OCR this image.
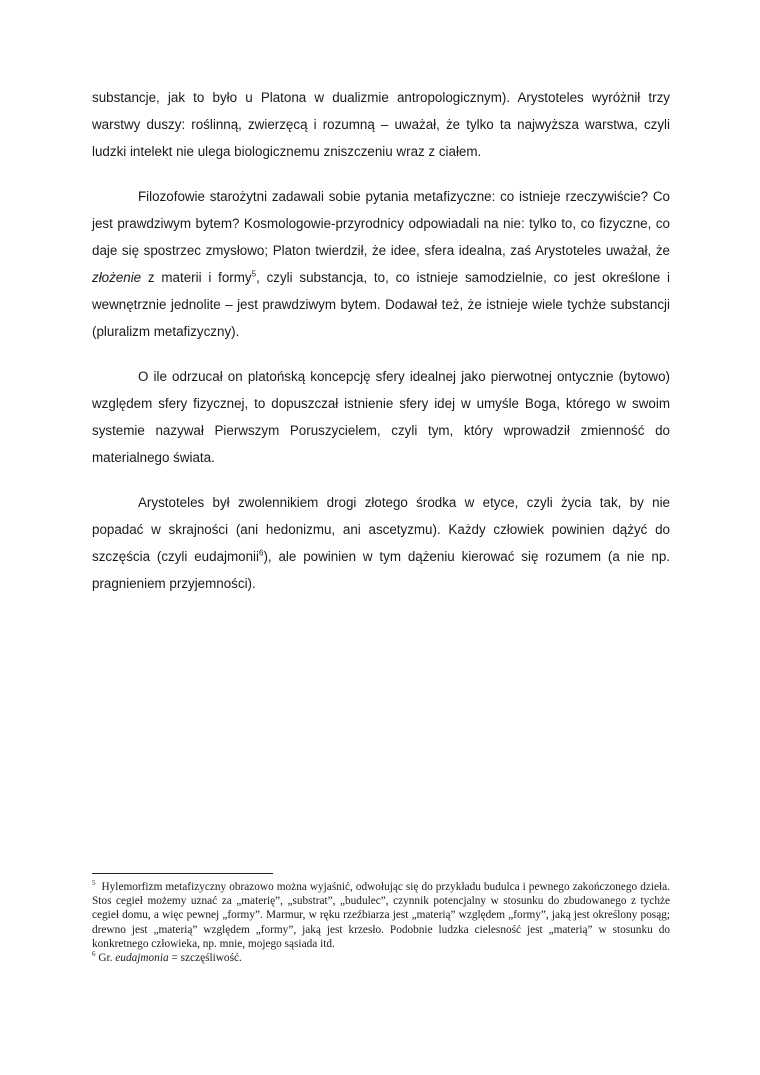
substancje, jak to było u Platona w dualizmie antropologicznym). Arystoteles wyróżnił trzy warstwy duszy: roślinną, zwierzęcą i rozumną – uważał, że tylko ta najwyższa warstwa, czyli ludzki intelekt nie ulega biologicznemu zniszczeniu wraz z ciałem.

Filozofowie starożytni zadawali sobie pytania metafizyczne: co istnieje rzeczywiście? Co jest prawdziwym bytem? Kosmologowie-przyrodnicy odpowiadali na nie: tylko to, co fizyczne, co daje się spostrzec zmysłowo; Platon twierdził, że idee, sfera idealna, zaś Arystoteles uważał, że złożenie z materii i formy$^5$, czyli substancja, to, co istnieje samodzielnie, co jest określone i wewnętrznie jednolite – jest prawdziwym bytem. Dodawał też, że istnieje wiele tychże substancji (pluralizm metafizyczny).

O ile odrzucał on platońską koncepcję sfery idealnej jako pierwotnej ontycznie (bytowo) względem sfery fizycznej, to dopuszczał istnienie sfery idej w umyśle Boga, którego w swoim systemie nazywał Pierwszym Poruszycielem, czyli tym, który wprowadził zmienność do materialnego świata.

Arystoteles był zwolennikiem drogi złotego środka w etyce, czyli życia tak, by nie popadać w skrajności (ani hedonizmu, ani ascetyzmu). Każdy człowiek powinien dążyć do szczęścia (czyli eudajmonii$^6$), ale powinien w tym dążeniu kierować się rozumem (a nie np. pragnieniem przyjemności).

$^5$ Hylemorfizm metafizyczny obrazowo można wyjaśnić, odwołując się do przykładu budulca i pewnego zakończonego dzieła. Stos cegieł możemy uznać za „materię”, „substrat”, „budulec”, czynnik potencjalny w stosunku do zbudowanego z tychże cegieł domu, a więc pewnej „formy”. Marmur, w ręku rzeźbiarza jest „materią” względem „formy”, jaką jest określony posąg; drewno jest „materią” względem „formy”, jaką jest krzesło. Podobnie ludzka cielesność jest „materią” w stosunku do konkretnego człowieka, np. mnie, mojego sąsiada itd.

$^6$ Gr. eudajmonia = szczęśliwość.
